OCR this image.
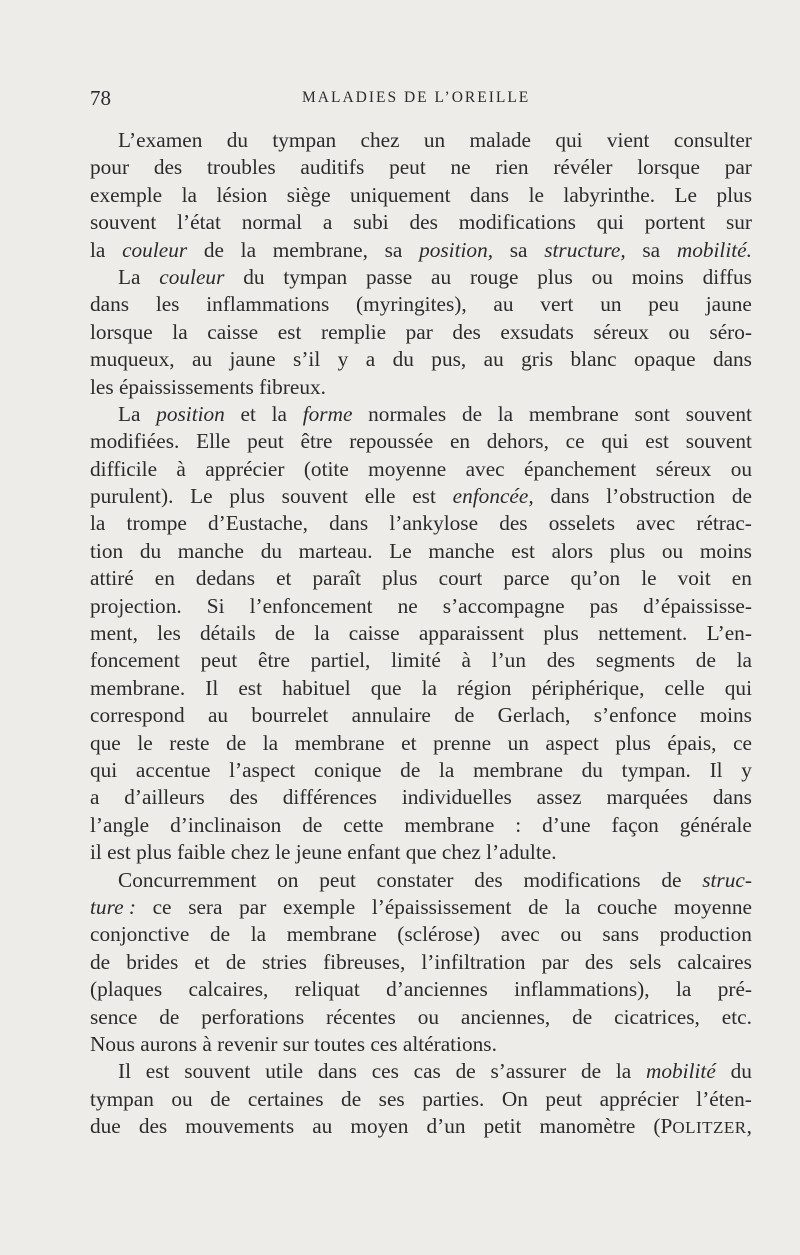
78	MALADIES DE L’OREILLE
L’examen du tympan chez un malade qui vient consulter
pour des troubles auditifs peut ne rien révéler lorsque par
exemple la lésion siège uniquement dans le labyrinthe. Le plus
souvent l’état normal a subi des modifications qui portent sur
la couleur de la membrane, sa position, sa structure, sa mobilité.
La couleur du tympan passe au rouge plus ou moins diffus
dans les inflammations (myringites), au vert un peu jaune
lorsque la caisse est remplie par des exsudats séreux ou séro-
muqueux, au jaune s’il y a du pus, au gris blanc opaque dans
les épaississements fibreux.
La position et la forme normales de la membrane sont souvent
modifiées. Elle peut être repoussée en dehors, ce qui est souvent
difficile à apprécier (otite moyenne avec épanchement séreux ou
purulent). Le plus souvent elle est enfoncée, dans l’obstruction de
la trompe d’Eustache, dans l’ankylose des osselets avec rétrac-
tion du manche du marteau. Le manche est alors plus ou moins
attiré en dedans et paraît plus court parce qu’on le voit en
projection. Si l’enfoncement ne s’accompagne pas d’épaississe-
ment, les détails de la caisse apparaissent plus nettement. L’en-
foncement peut être partiel, limité à l’un des segments de la
membrane. Il est habituel que la région périphérique, celle qui
correspond au bourrelet annulaire de Gerlach, s’enfonce moins
que le reste de la membrane et prenne un aspect plus épais, ce
qui accentue l’aspect conique de la membrane du tympan. Il y
a d’ailleurs des différences individuelles assez marquées dans
l’angle d’inclinaison de cette membrane : d’une façon générale
il est plus faible chez le jeune enfant que chez l’adulte.
Concurremment on peut constater des modifications de struc-
ture : ce sera par exemple l’épaississement de la couche moyenne
conjonctive de la membrane (sclérose) avec ou sans production
de brides et de stries fibreuses, l’infiltration par des sels calcaires
(plaques calcaires, reliquat d’anciennes inflammations), la pré-
sence de perforations récentes ou anciennes, de cicatrices, etc.
Nous aurons à revenir sur toutes ces altérations.
Il est souvent utile dans ces cas de s’assurer de la mobilité du
tympan ou de certaines de ses parties. On peut apprécier l’éten-
due des mouvements au moyen d’un petit manomètre (POLITZER,
